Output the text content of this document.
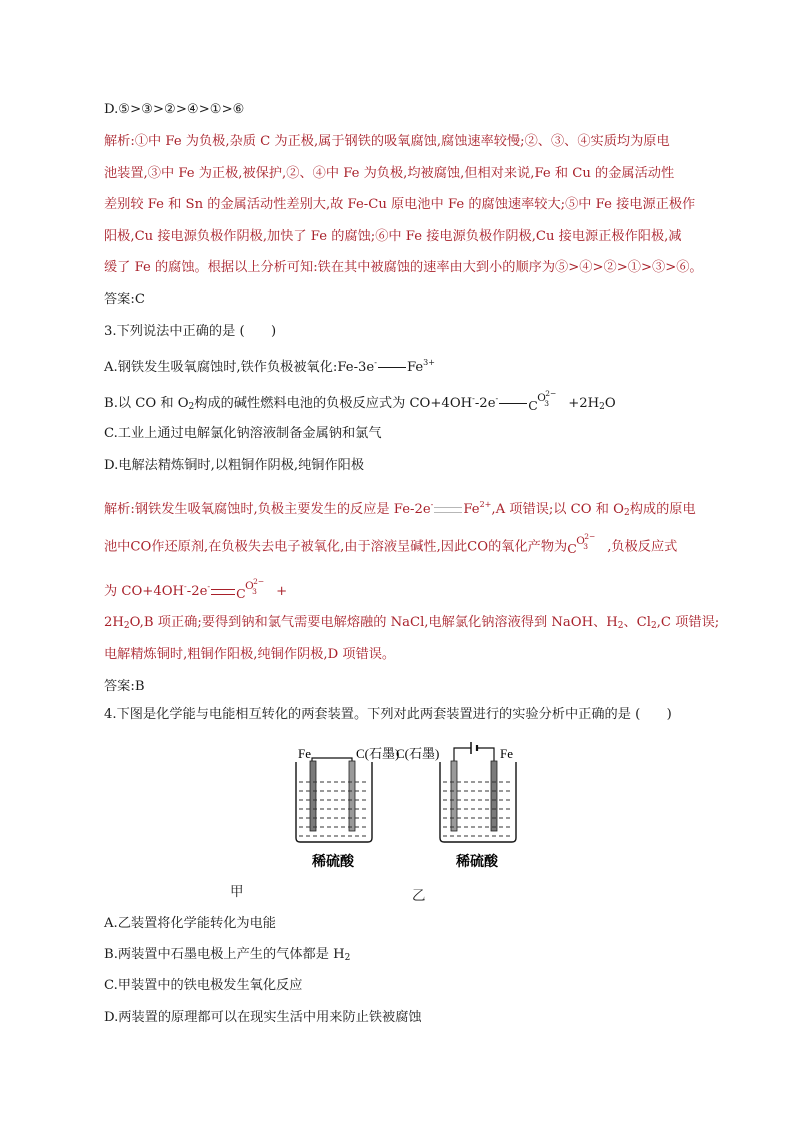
D.⑤>③>②>④>①>⑥
解析:①中 Fe 为负极,杂质 C 为正极,属于钢铁的吸氧腐蚀,腐蚀速率较慢;②、③、④实质均为原电
池装置,③中 Fe 为正极,被保护,②、④中 Fe 为负极,均被腐蚀,但相对来说,Fe 和 Cu 的金属活动性
差别较 Fe 和 Sn 的金属活动性差别大,故 Fe-Cu 原电池中 Fe 的腐蚀速率较大;⑤中 Fe 接电源正极作
阳极,Cu 接电源负极作阴极,加快了 Fe 的腐蚀;⑥中 Fe 接电源负极作阴极,Cu 接电源正极作阳极,减
缓了 Fe 的腐蚀。根据以上分析可知:铁在其中被腐蚀的速率由大到小的顺序为⑤>④>②>①>③>⑥。
答案:C
3.下列说法中正确的是 (　　)
A.钢铁发生吸氧腐蚀时,铁作负极被氧化:Fe-3e- $Fe^{3+}$
B.以 CO 和 $O_2$构成的碱性燃料电池的负极反应式为 CO+4OH--2e- C O 2−
$3 +2H_2O$
C.工业上通过电解氯化钠溶液制备金属钠和氯气
D.电解法精炼铜时,以粗铜作阴极,纯铜作阳极
解析:钢铁发生吸氧腐蚀时,负极主要发生的反应是 Fe-2e- $Fe^{2+},A$ 项错误;以 CO 和 $O_2$构成的原电
池中CO作还原剂,在负极失去电子被氧化,由于溶液呈碱性,因此CO的氧化产物为 C O 2−
3 ,负极反应式
为 CO+4OH--2e- C O 2−
3 +
$2H_2O,B$ 项正确;要得到钠和氯气需要电解熔融的 NaCl,电解氯化钠溶液得到 NaOH、$H_2$、$Cl_2,C$ 项错误;
电解精炼铜时,粗铜作阳极,纯铜作阴极,D 项错误。
答案:B
4.下图是化学能与电能相互转化的两套装置。下列对此两套装置进行的实验分析中正确的是 (　　)
Fe	C(石墨)
C(石墨)	Fe
稀硫酸	稀硫酸
甲	乙
A.乙装置将化学能转化为电能
B.两装置中石墨电极上产生的气体都是 $H_2$
C.甲装置中的铁电极发生氧化反应
D.两装置的原理都可以在现实生活中用来防止铁被腐蚀
